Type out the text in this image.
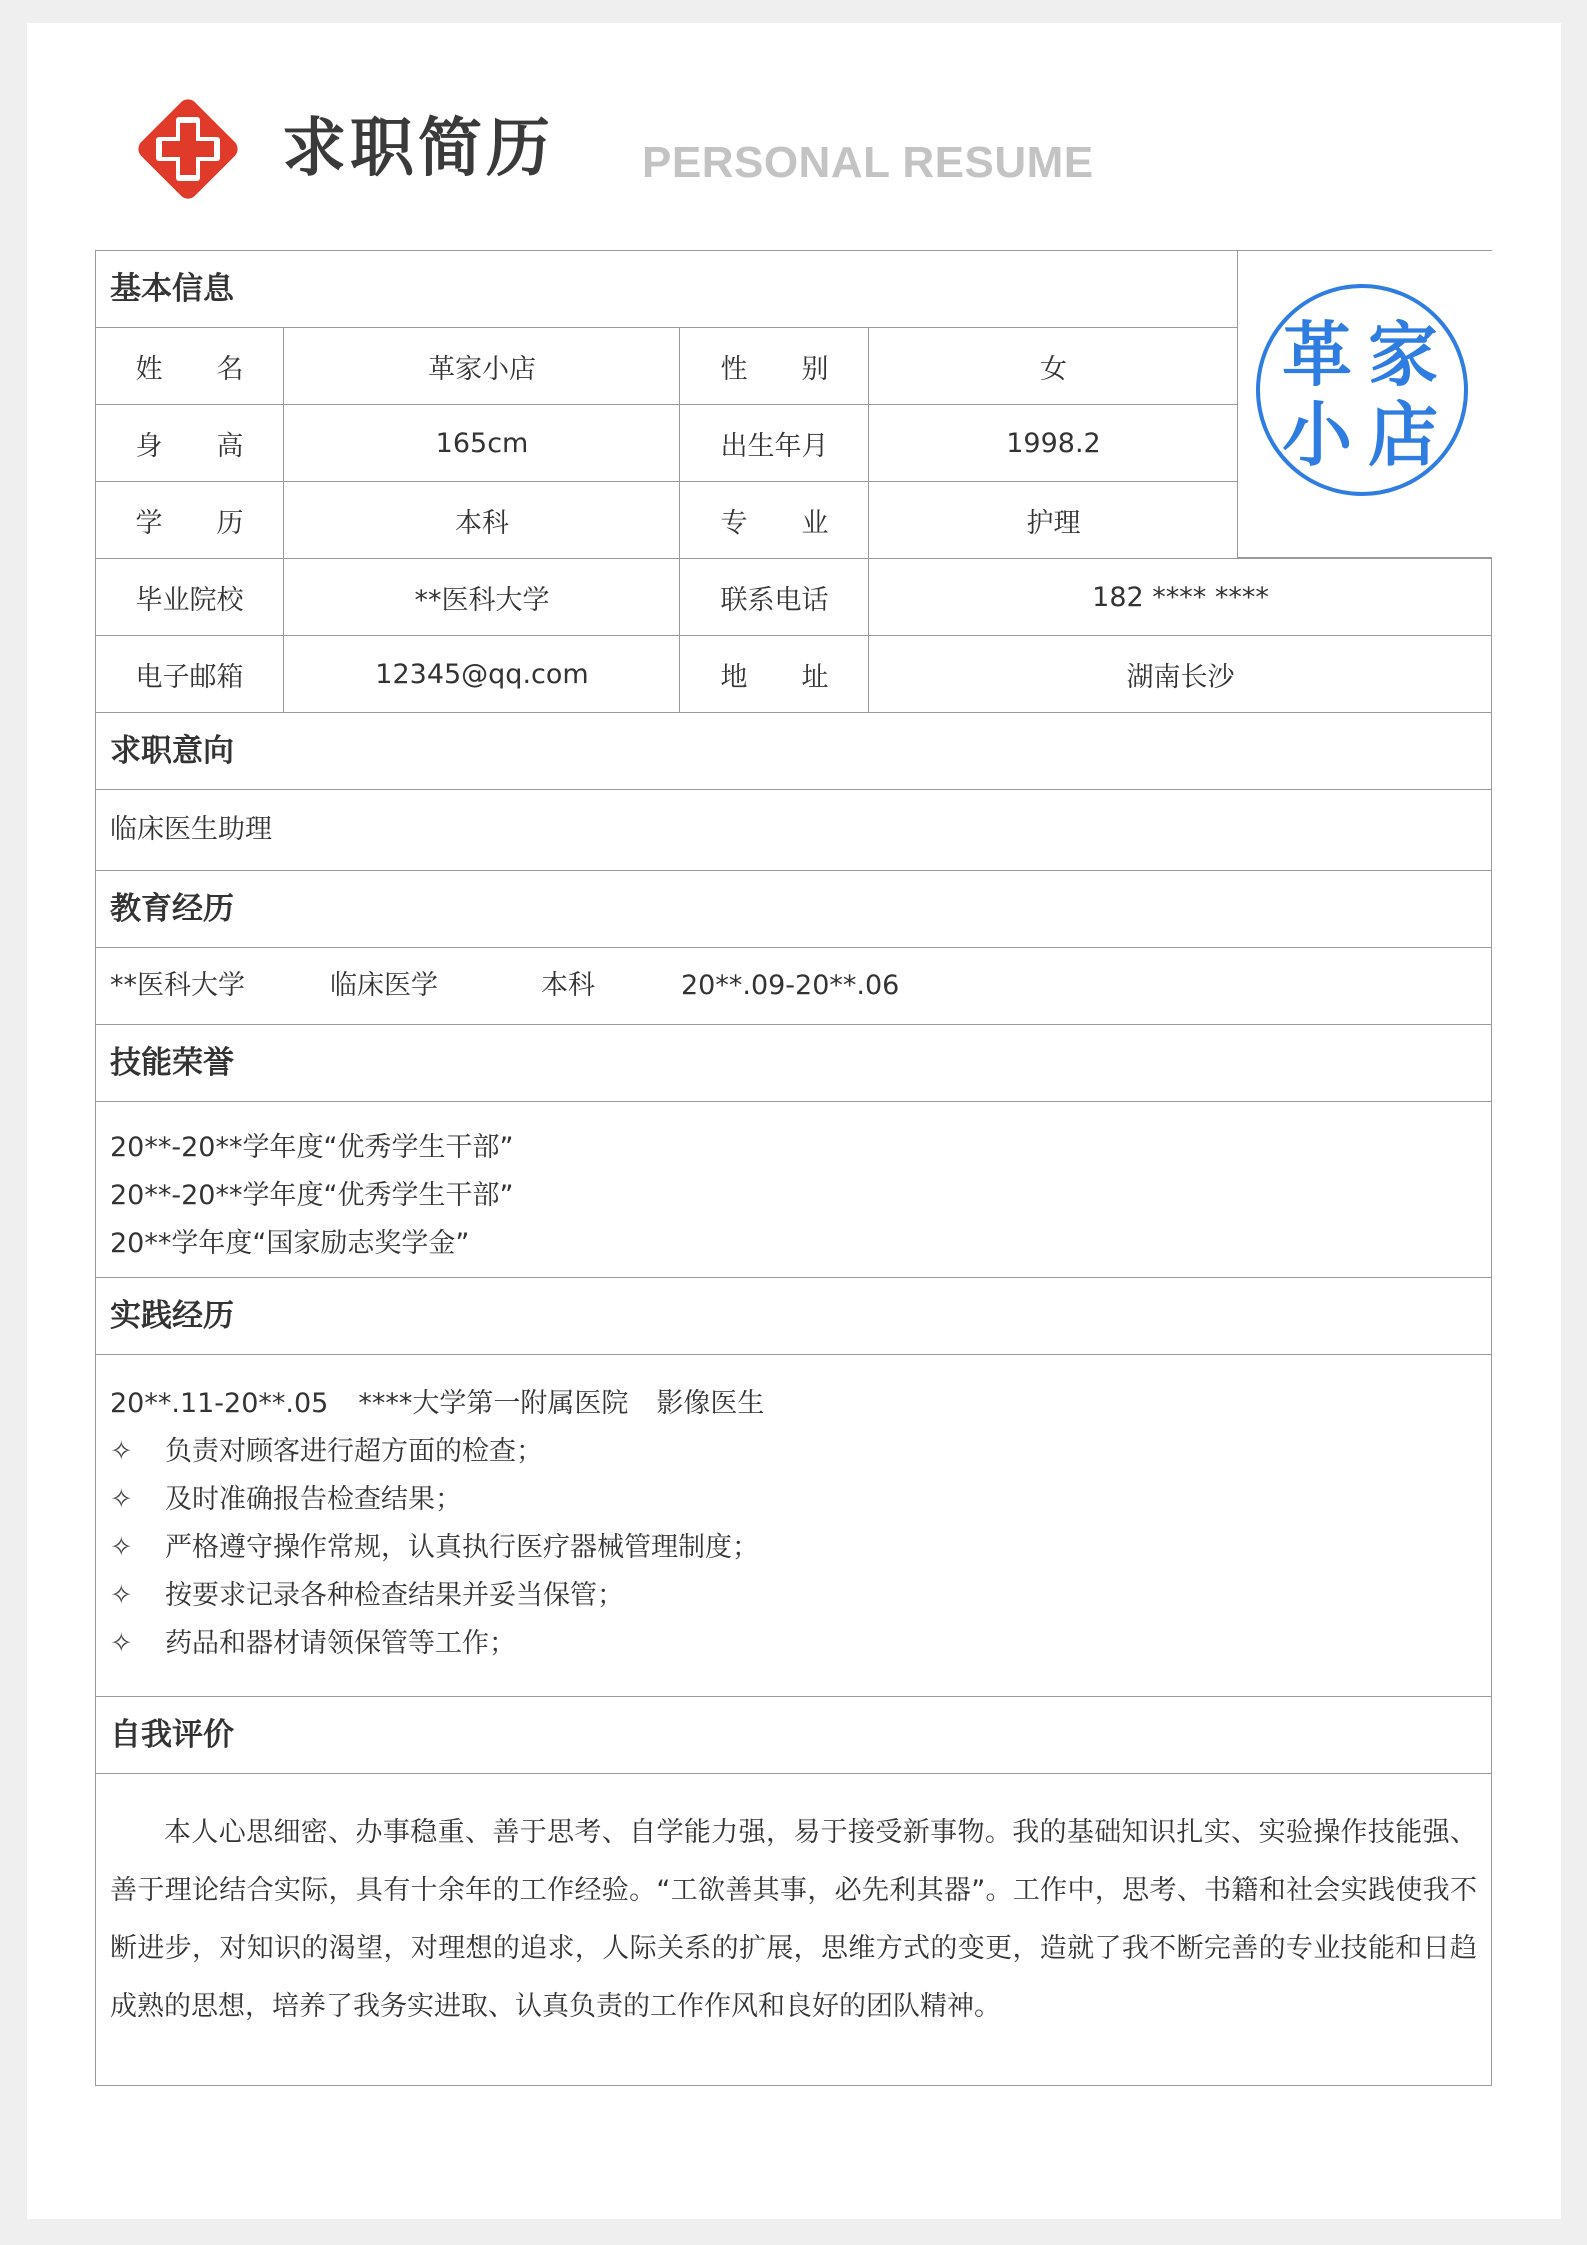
求职简历 PERSONAL RESUME
革 家
小 店
基本信息
姓　　名	革家小店	性　　别	女
身　　高	165cm	出生年月	1998.2
学　　历	本科	专　　业	护理
毕业院校	**医科大学	联系电话	182 **** ****
电子邮箱	12345@qq.com	地　　址	湖南长沙
求职意向
临床医生助理
教育经历
**医科大学	临床医学	本科	20**.09-20**.06
技能荣誉
20**-20**学年度“优秀学生干部”
20**-20**学年度“优秀学生干部”
20**学年度“国家励志奖学金”
实践经历
20**.11-20**.05 ****大学第一附属医院 影像医生
✧	负责对顾客进行超方面的检查；
✧	及时准确报告检查结果；
✧	严格遵守操作常规，认真执行医疗器械管理制度；
✧	按要求记录各种检查结果并妥当保管；
✧	药品和器材请领保管等工作；
自我评价

本人心思细密、办事稳重、善于思考、自学能力强，易于接受新事物。我的基础知识扎实、实验操作技能强、善于理论结合实际，具有十余年的工作经验。“工欲善其事，必先利其器”。工作中，思考、书籍和社会实践使我不断进步，对知识的渴望，对理想的追求，人际关系的扩展，思维方式的变更，造就了我不断完善的专业技能和日趋成熟的思想，培养了我务实进取、认真负责的工作作风和良好的团队精神。
